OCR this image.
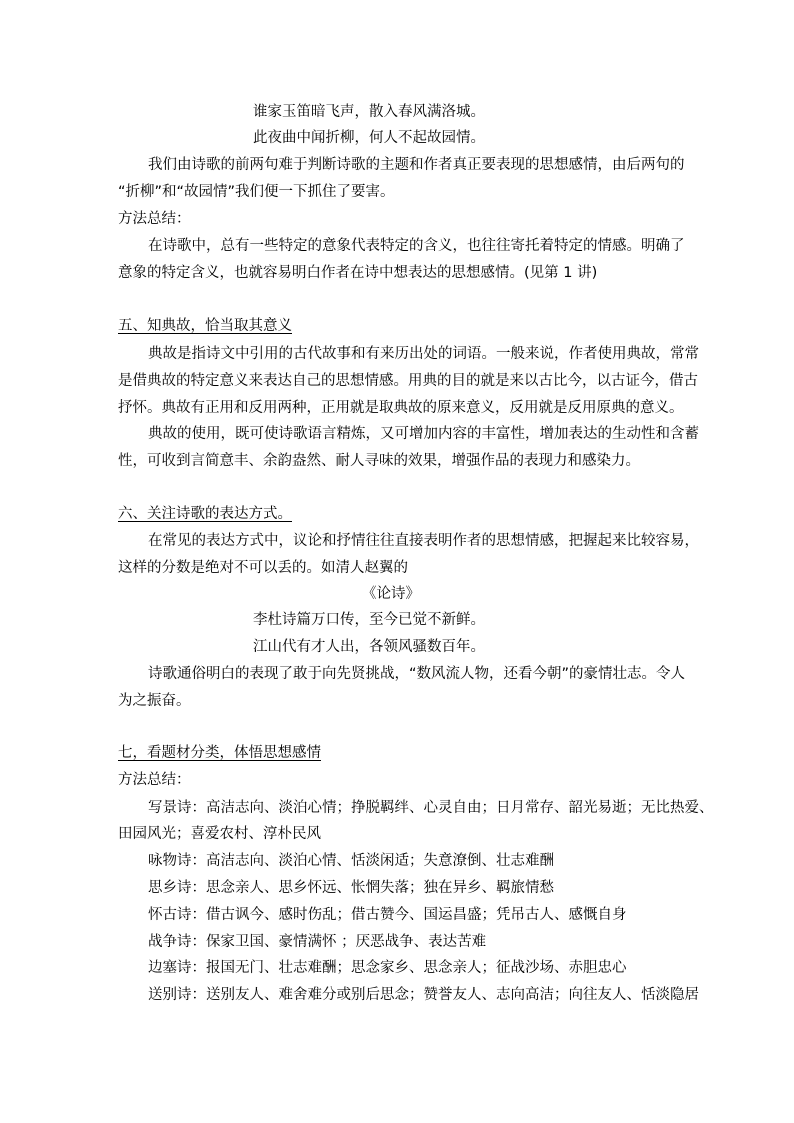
谁家玉笛暗飞声，散入春风满洛城。
此夜曲中闻折柳，何人不起故园情。
我们由诗歌的前两句难于判断诗歌的主题和作者真正要表现的思想感情，由后两句的
“折柳”和“故园情”我们便一下抓住了要害。
方法总结：
在诗歌中，总有一些特定的意象代表特定的含义，也往往寄托着特定的情感。明确了
意象的特定含义，也就容易明白作者在诗中想表达的思想感情。(见第 1 讲)
五、知典故，恰当取其意义
典故是指诗文中引用的古代故事和有来历出处的词语。一般来说，作者使用典故，常常
是借典故的特定意义来表达自己的思想情感。用典的目的就是来以古比今，以古证今，借古
抒怀。典故有正用和反用两种，正用就是取典故的原来意义，反用就是反用原典的意义。
典故的使用，既可使诗歌语言精炼，又可增加内容的丰富性，增加表达的生动性和含蓄
性，可收到言简意丰、余韵盎然、耐人寻味的效果，增强作品的表现力和感染力。
六、关注诗歌的表达方式。
在常见的表达方式中，议论和抒情往往直接表明作者的思想情感，把握起来比较容易，
这样的分数是绝对不可以丢的。如清人赵翼的
《论诗》
李杜诗篇万口传，至今已觉不新鲜。
江山代有才人出，各领风骚数百年。
诗歌通俗明白的表现了敢于向先贤挑战，“数风流人物，还看今朝”的豪情壮志。令人
为之振奋。
七，看题材分类，体悟思想感情
方法总结：
写景诗：高洁志向、淡泊心情；挣脱羁绊、心灵自由；日月常存、韶光易逝；无比热爱、
田园风光；喜爱农村、淳朴民风
咏物诗：高洁志向、淡泊心情、恬淡闲适；失意潦倒、壮志难酬
思乡诗：思念亲人、思乡怀远、怅惘失落；独在异乡、羁旅情愁
怀古诗：借古讽今、感时伤乱；借古赞今、国运昌盛；凭吊古人、感慨自身
战争诗：保家卫国、豪情满怀 ；厌恶战争、表达苦难
边塞诗：报国无门、壮志难酬；思念家乡、思念亲人；征战沙场、赤胆忠心
送别诗：送别友人、难舍难分或别后思念；赞誉友人、志向高洁；向往友人、恬淡隐居
